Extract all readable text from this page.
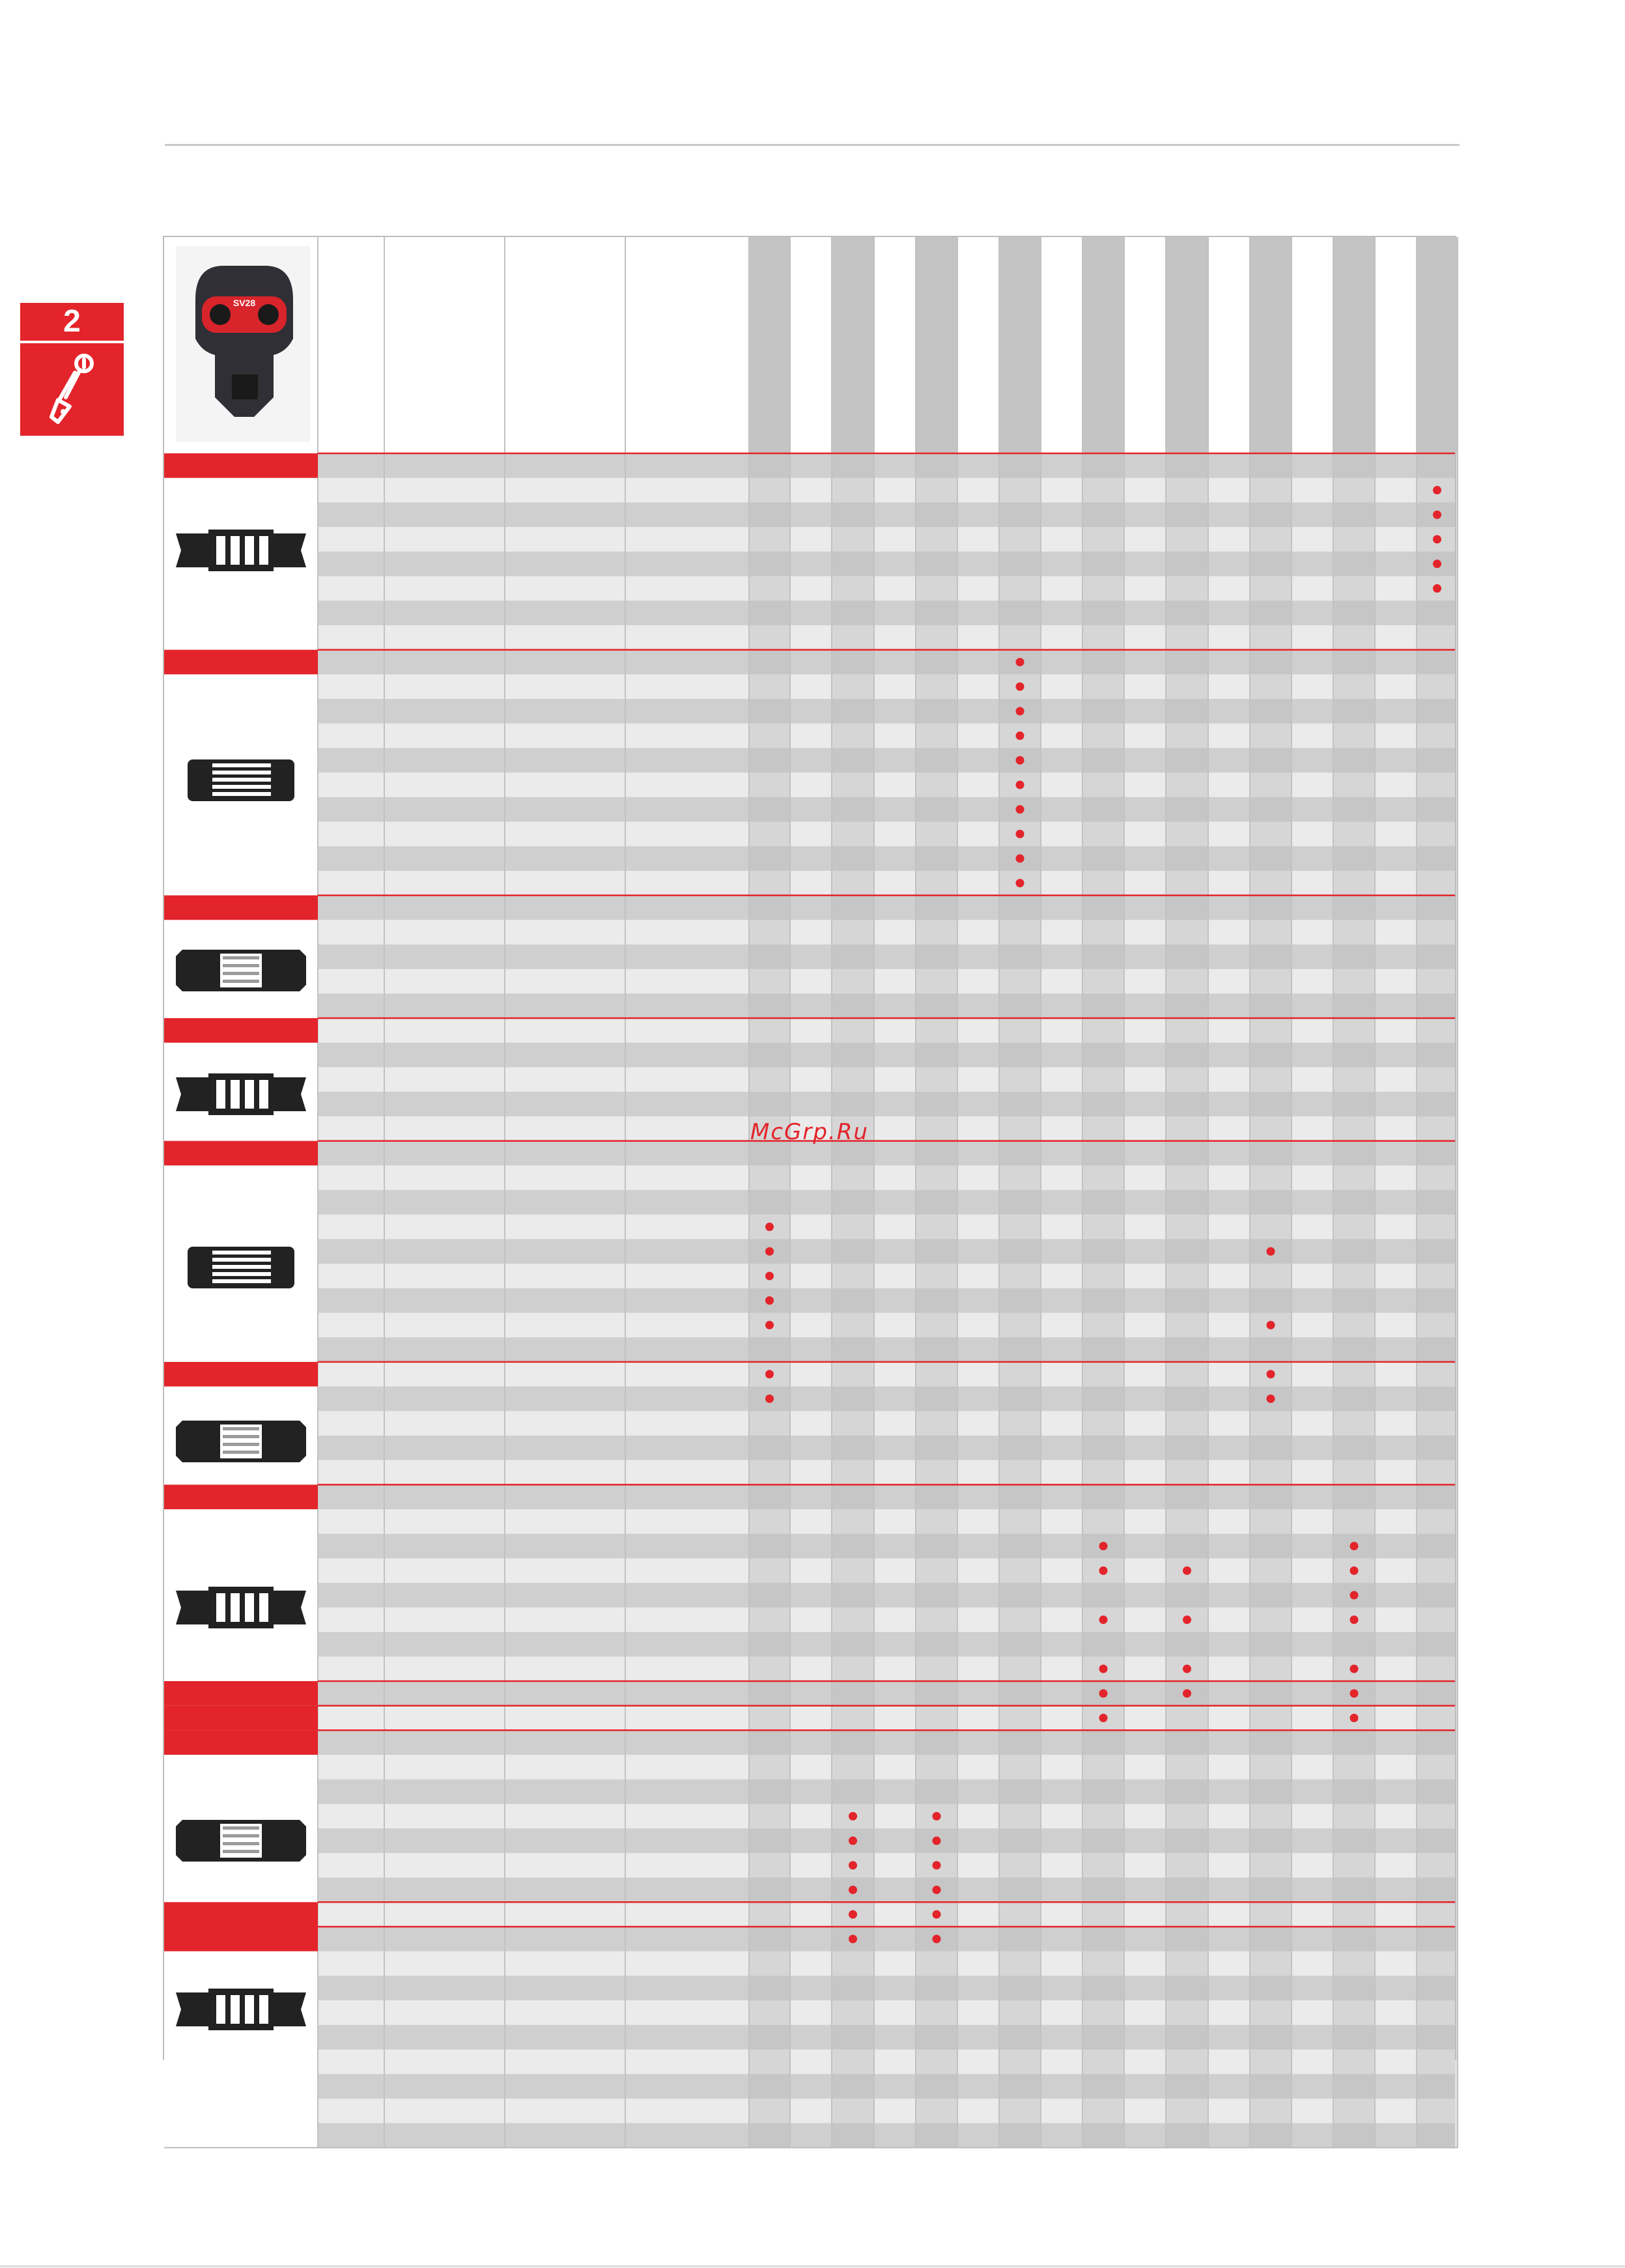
2
SV28
McGrp.Ru
